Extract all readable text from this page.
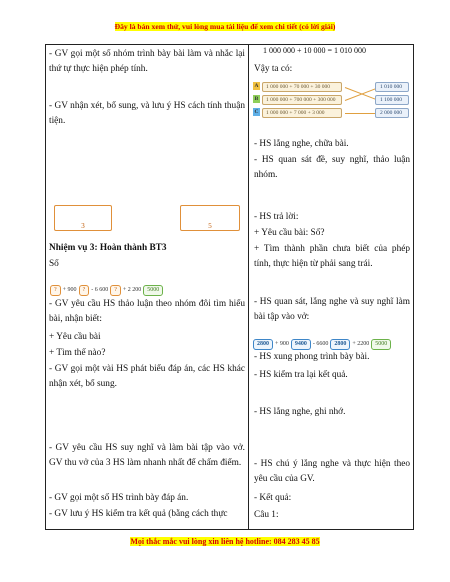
Đây là bản xem thử, vui lòng mua tài liệu để xem chi tiết (có lời giải)
- GV gọi một số nhóm trình bày bài làm và nhắc lại thứ tự thực hiện phép tính.
- GV nhận xét, bổ sung, và lưu ý HS cách tính thuận tiện.
3	5
Nhiệm vụ 3: Hoàn thành BT3
Số
? + 900 ? - 6 600 ? + 2 200 5000
- GV yêu cầu HS thảo luận theo nhóm đôi tìm hiểu bài, nhận biết:
+ Yêu cầu bài
+ Tìm thế nào?
- GV gọi một vài HS phát biểu đáp án, các HS khác nhận xét, bổ sung.
- GV yêu cầu HS suy nghĩ và làm bài tập vào vở. GV thu vở của 3 HS làm nhanh nhất để chấm điểm.
- GV gọi một số HS trình bày đáp án.
- GV lưu ý HS kiểm tra kết quả (bằng cách thực

1 000 000 + 10 000 = 1 010 000
Vậy ta có:
A	1 000 000 + 70 000 + 30 000
B	1 000 000 + 700 000 + 300 000
C	1 000 000 + 7 000 + 3 000
1 010 000
1 100 000
2 000 000
- HS lắng nghe, chữa bài.
- HS quan sát đề, suy nghĩ, thảo luận nhóm.
- HS trả lời:
+ Yêu cầu bài: Số?
+ Tìm thành phần chưa biết của phép tính, thực hiện từ phải sang trái.
- HS quan sát, lắng nghe và suy nghĩ làm bài tập vào vở:
2800 + 900 9400 - 6600 2800 + 2200 5000
- HS xung phong trình bày bài.
- HS kiểm tra lại kết quả.
- HS lắng nghe, ghi nhớ.
- HS chú ý lắng nghe và thực hiện theo yêu cầu của GV.
- Kết quả:
Câu 1:
Mọi thắc mắc vui lòng xin liên hệ hotline: 084 283 45 85
